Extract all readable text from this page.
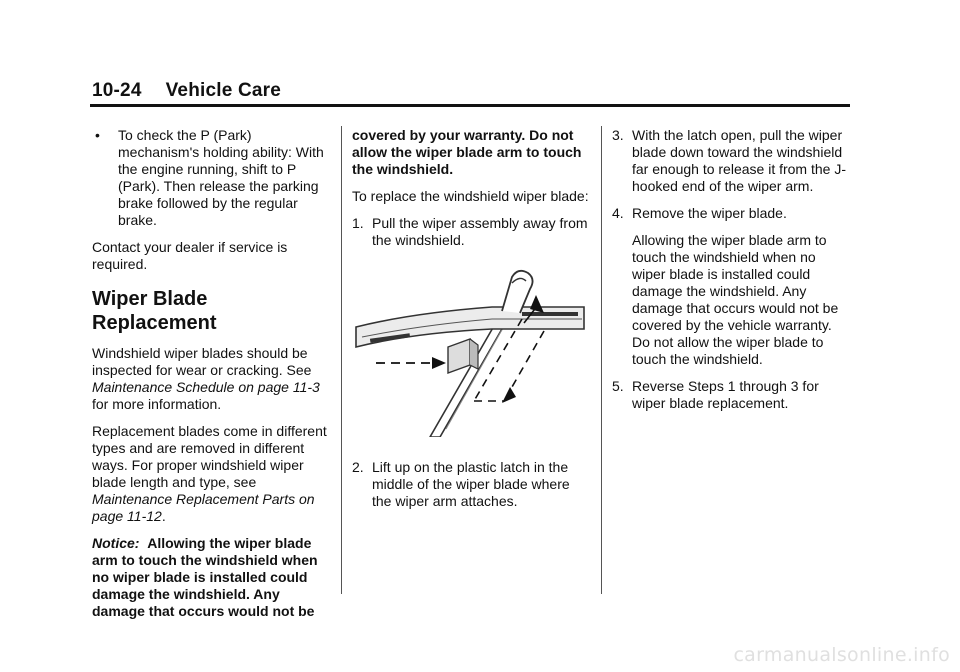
10-24 Vehicle Care
• To check the P (Park) mechanism's holding ability: With the engine running, shift to P (Park). Then release the parking brake followed by the regular brake.

Contact your dealer if service is required.

Wiper Blade Replacement

Windshield wiper blades should be inspected for wear or cracking. See Maintenance Schedule on page 11-3 for more information.

Replacement blades come in different types and are removed in different ways. For proper windshield wiper blade length and type, see Maintenance Replacement Parts on page 11-12.

Notice: Allowing the wiper blade arm to touch the windshield when no wiper blade is installed could damage the windshield. Any damage that occurs would not be

covered by your warranty. Do not allow the wiper blade arm to touch the windshield.

To replace the windshield wiper blade:

1. Pull the wiper assembly away from the windshield.
2. Lift up on the plastic latch in the middle of the wiper blade where the wiper arm attaches.
3. With the latch open, pull the wiper blade down toward the windshield far enough to release it from the J-hooked end of the wiper arm.
4. Remove the wiper blade.

Allowing the wiper blade arm to touch the windshield when no wiper blade is installed could damage the windshield. Any damage that occurs would not be covered by the vehicle warranty. Do not allow the wiper blade to touch the windshield.

5. Reverse Steps 1 through 3 for wiper blade replacement.
carmanualsonline.info
